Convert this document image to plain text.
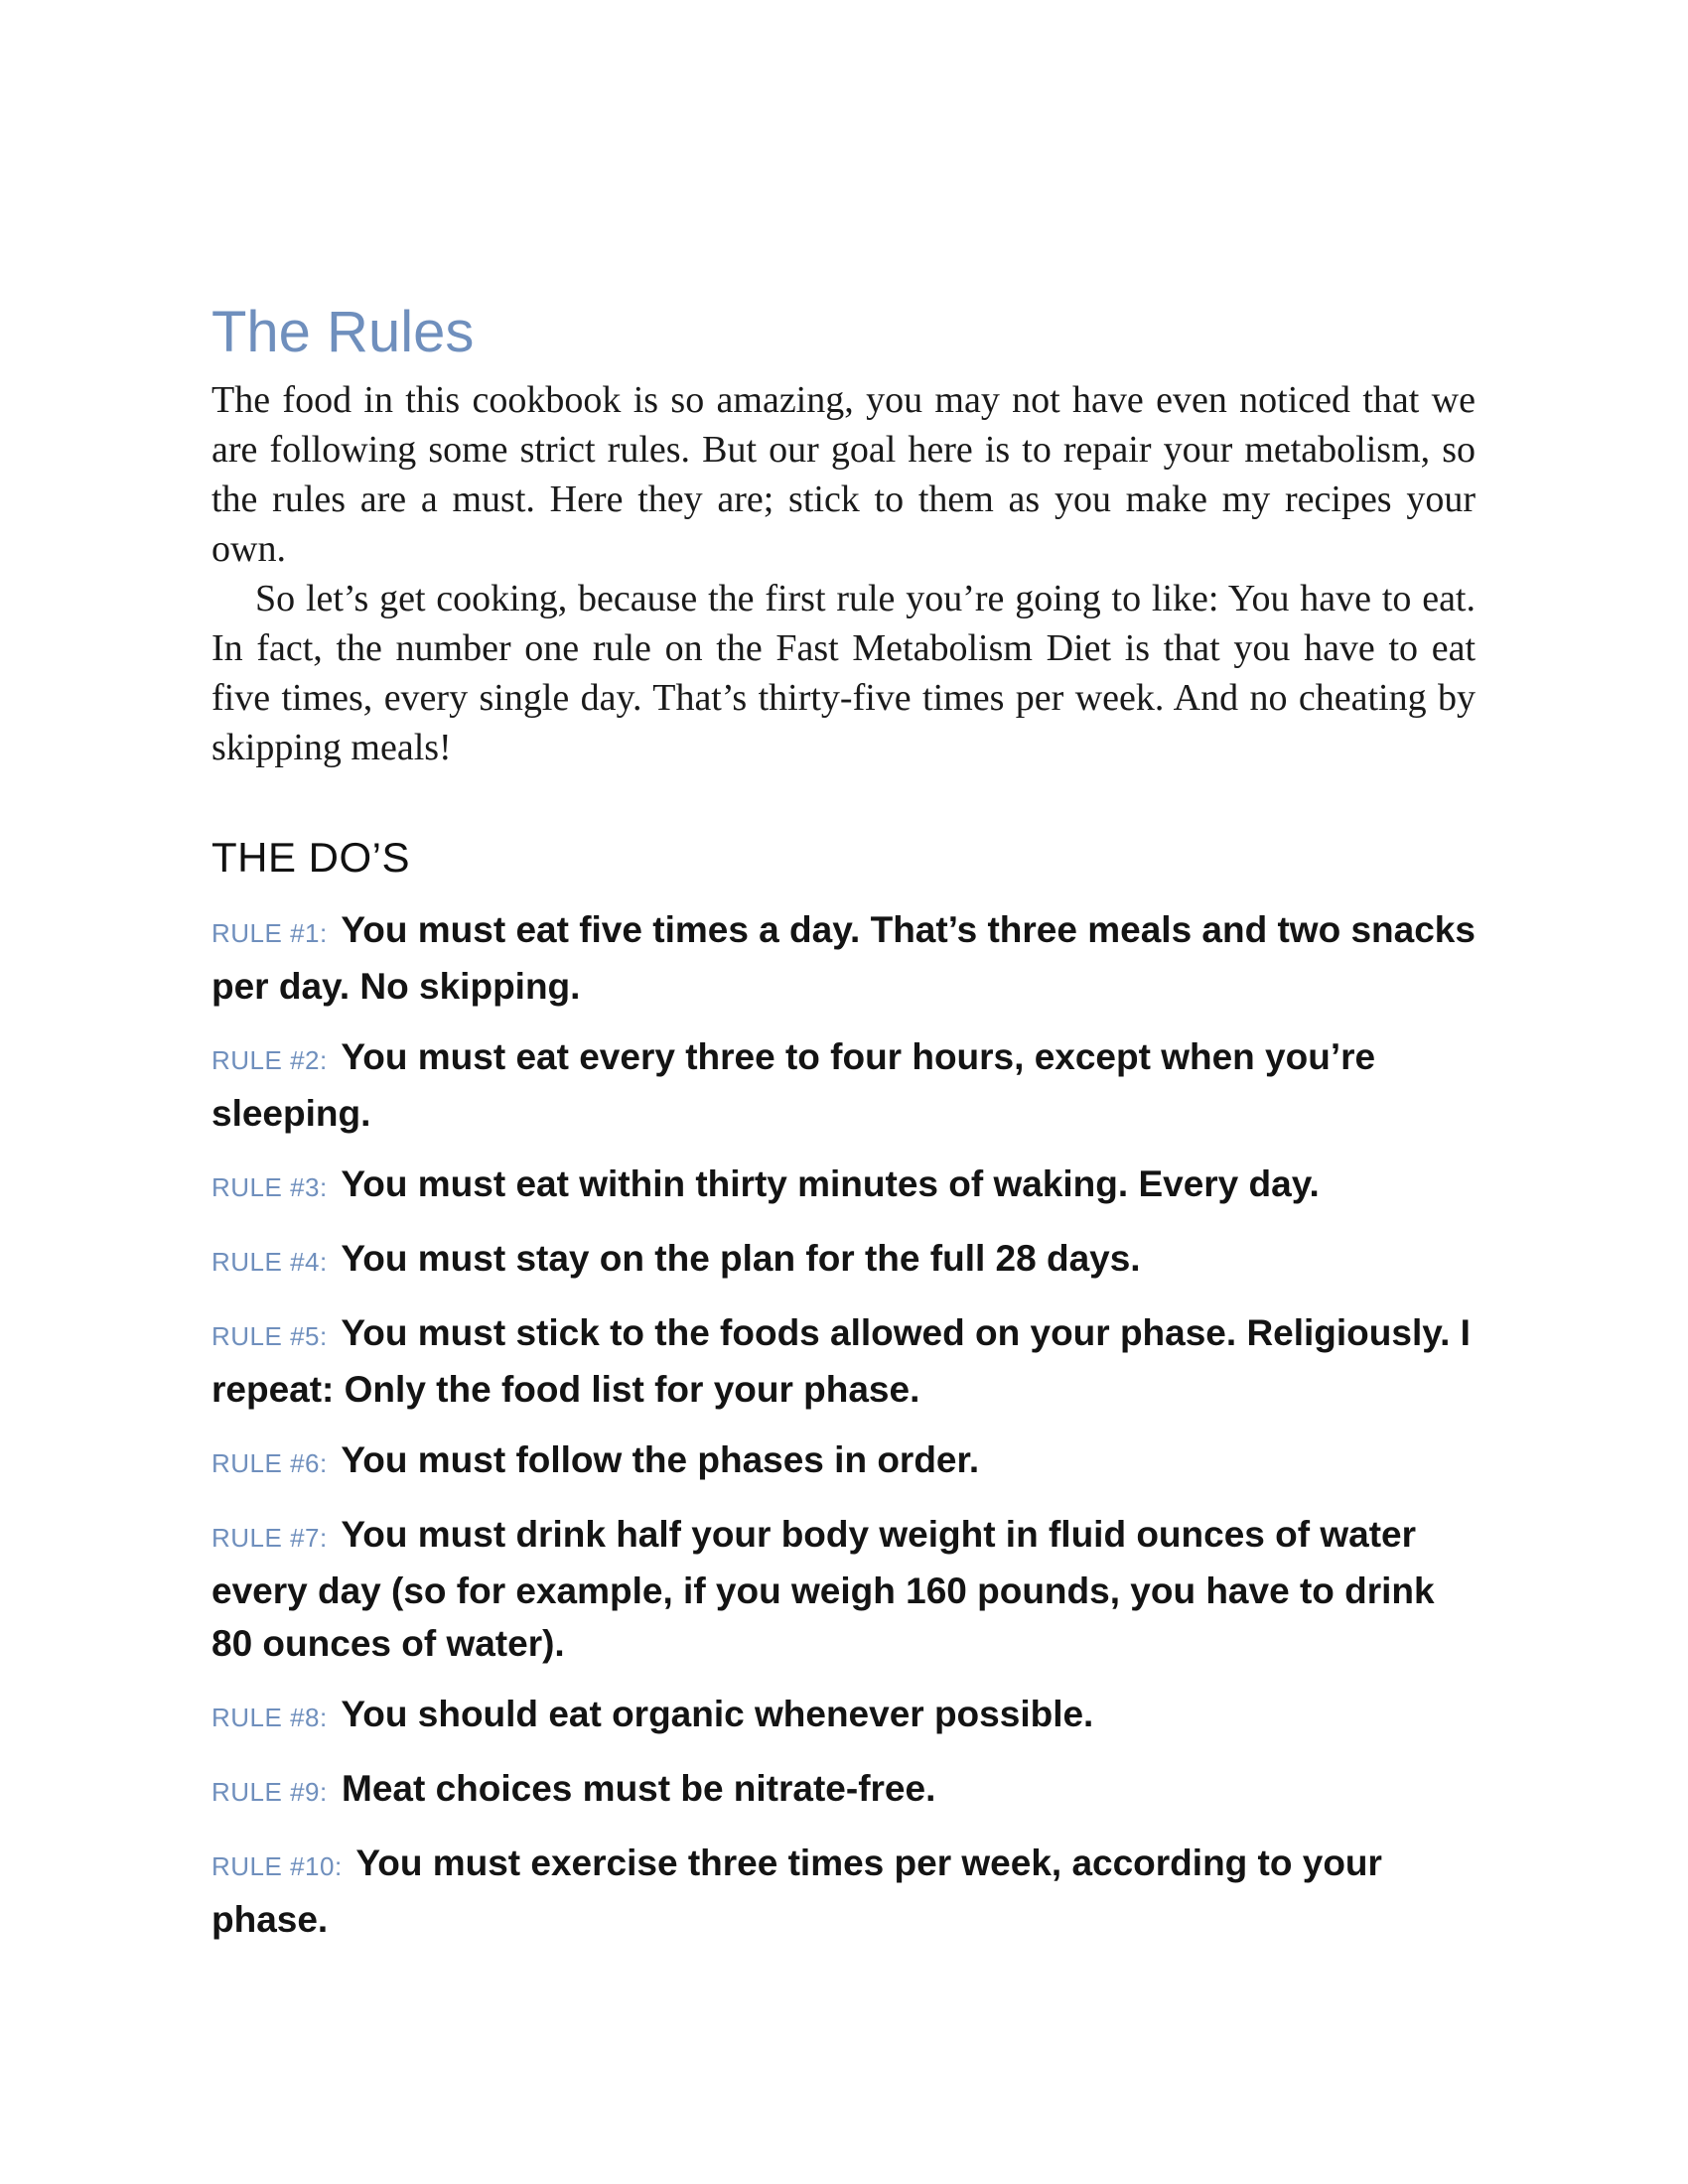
The Rules

The food in this cookbook is so amazing, you may not have even noticed that we are following some strict rules. But our goal here is to repair your metabolism, so the rules are a must. Here they are; stick to them as you make my recipes your own.

So let’s get cooking, because the first rule you’re going to like: You have to eat. In fact, the number one rule on the Fast Metabolism Diet is that you have to eat five times, every single day. That’s thirty-five times per week. And no cheating by skipping meals!

THE DO’S

RULE #1: You must eat five times a day. That’s three meals and two snacks per day. No skipping.

RULE #2: You must eat every three to four hours, except when you’re sleeping.

RULE #3: You must eat within thirty minutes of waking. Every day.

RULE #4: You must stay on the plan for the full 28 days.

RULE #5: You must stick to the foods allowed on your phase. Religiously. I repeat: Only the food list for your phase.

RULE #6: You must follow the phases in order.

RULE #7: You must drink half your body weight in fluid ounces of water every day (so for example, if you weigh 160 pounds, you have to drink 80 ounces of water).

RULE #8: You should eat organic whenever possible.

RULE #9: Meat choices must be nitrate-free.

RULE #10: You must exercise three times per week, according to your phase.
